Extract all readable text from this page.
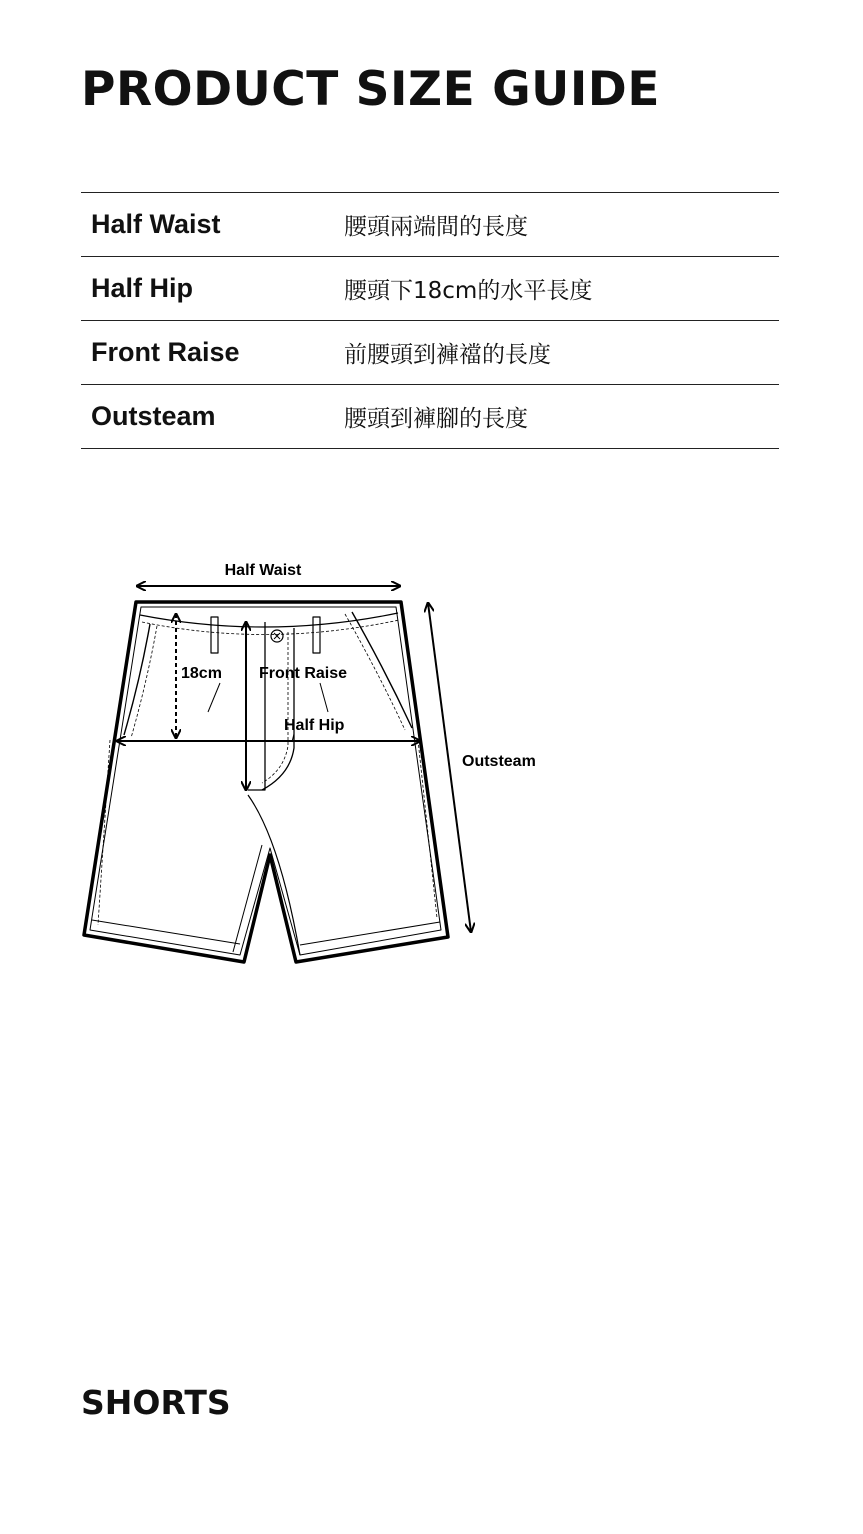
PRODUCT SIZE GUIDE
Half Waist	腰頭兩端間的長度
Half Hip	腰頭下18cm的水平長度
Front Raise	前腰頭到褲襠的長度
Outsteam	腰頭到褲腳的長度
Half Waist
18cm Front Raise
Half Hip
Outsteam
SHORTS
